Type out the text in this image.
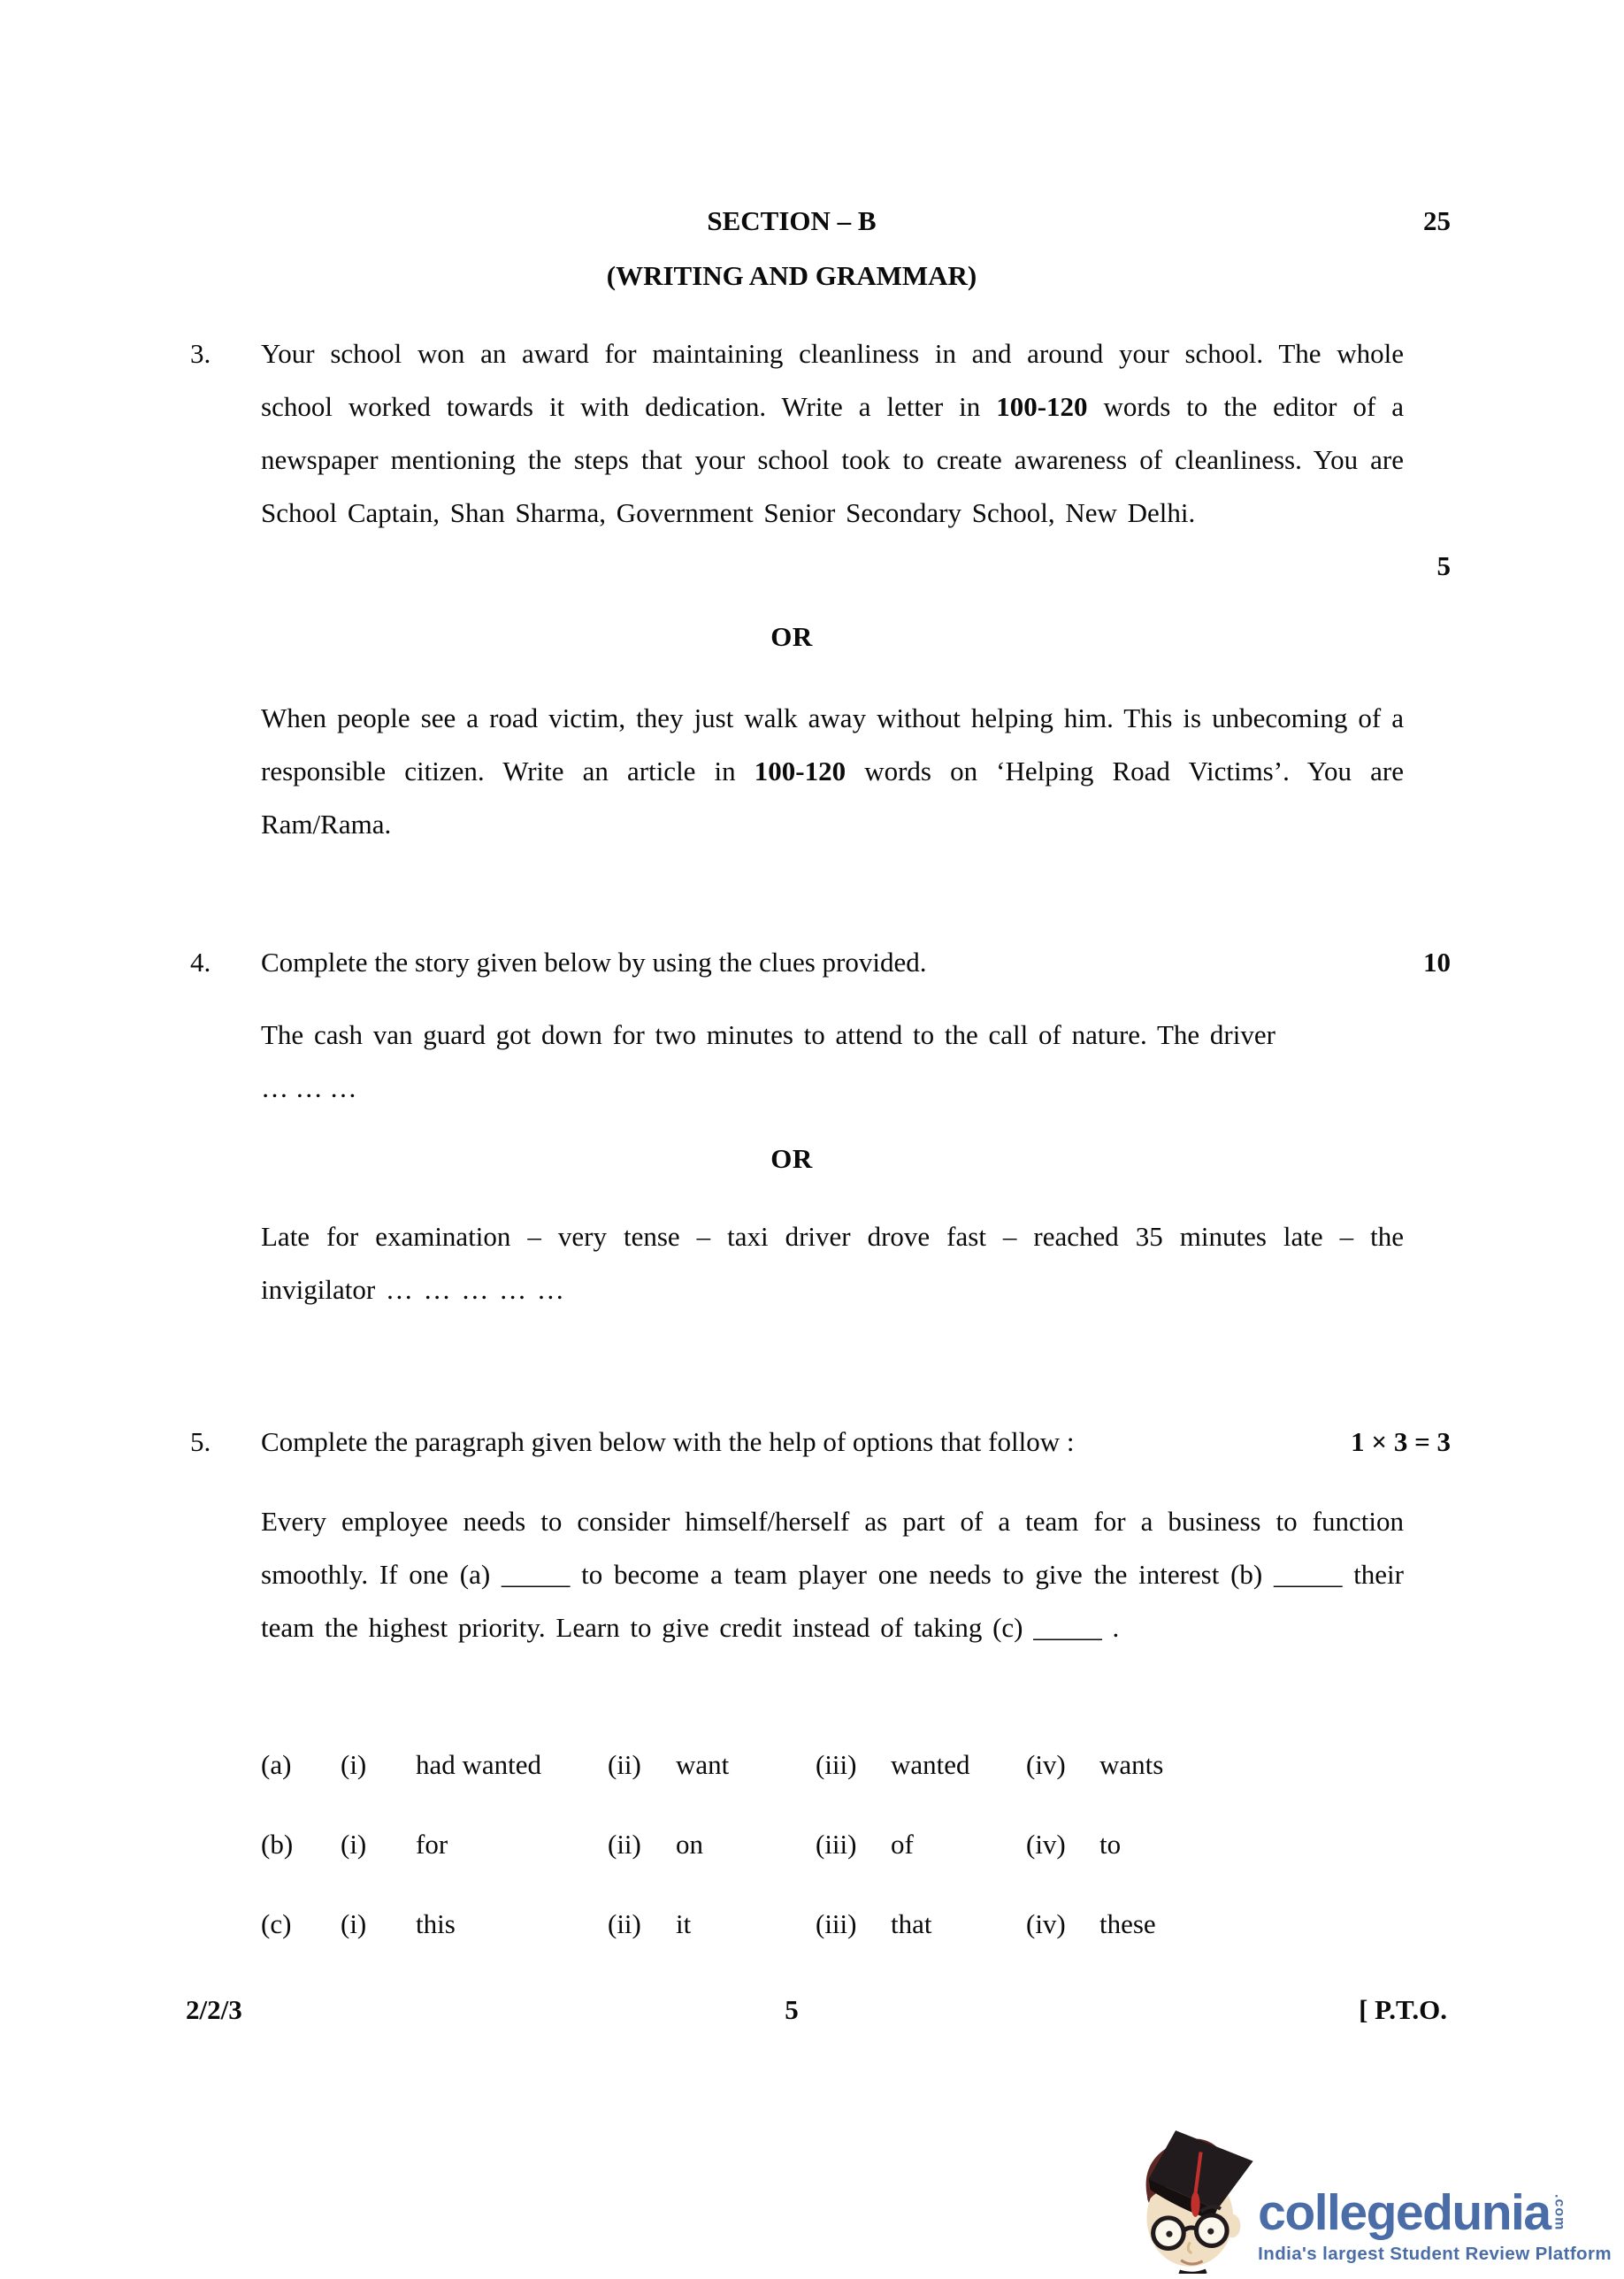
SECTION – B	25
(WRITING AND GRAMMAR)
3. Your school won an award for maintaining cleanliness in and around your school. The whole school worked towards it with dedication. Write a letter in 100-120 words to the editor of a newspaper mentioning the steps that your school took to create awareness of cleanliness. You are School Captain, Shan Sharma, Government Senior Secondary School, New Delhi.
5
OR
When people see a road victim, they just walk away without helping him. This is unbecoming of a responsible citizen. Write an article in 100-120 words on ‘Helping Road Victims’. You are Ram/Rama.
4. Complete the story given below by using the clues provided.	10
The cash van guard got down for two minutes to attend to the call of nature. The driver
… … …
OR
Late for examination – very tense – taxi driver drove fast – reached 35 minutes late – the invigilator … … … … …
5. Complete the paragraph given below with the help of options that follow :	1 × 3 = 3
Every employee needs to consider himself/herself as part of a team for a business to function smoothly. If one (a) _____ to become a team player one needs to give the interest (b) _____ their team the highest priority. Learn to give credit instead of taking (c) _____ .
(a)	(i)	had wanted	(ii)	want	(iii)	wanted	(iv)	wants
(b)	(i)	for	(ii)	on	(iii)	of	(iv)	to
(c)	(i)	this	(ii)	it	(iii)	that	(iv)	these
2/2/3	5	[ P.T.O.
collegedunia .com
India's largest Student Review Platform
